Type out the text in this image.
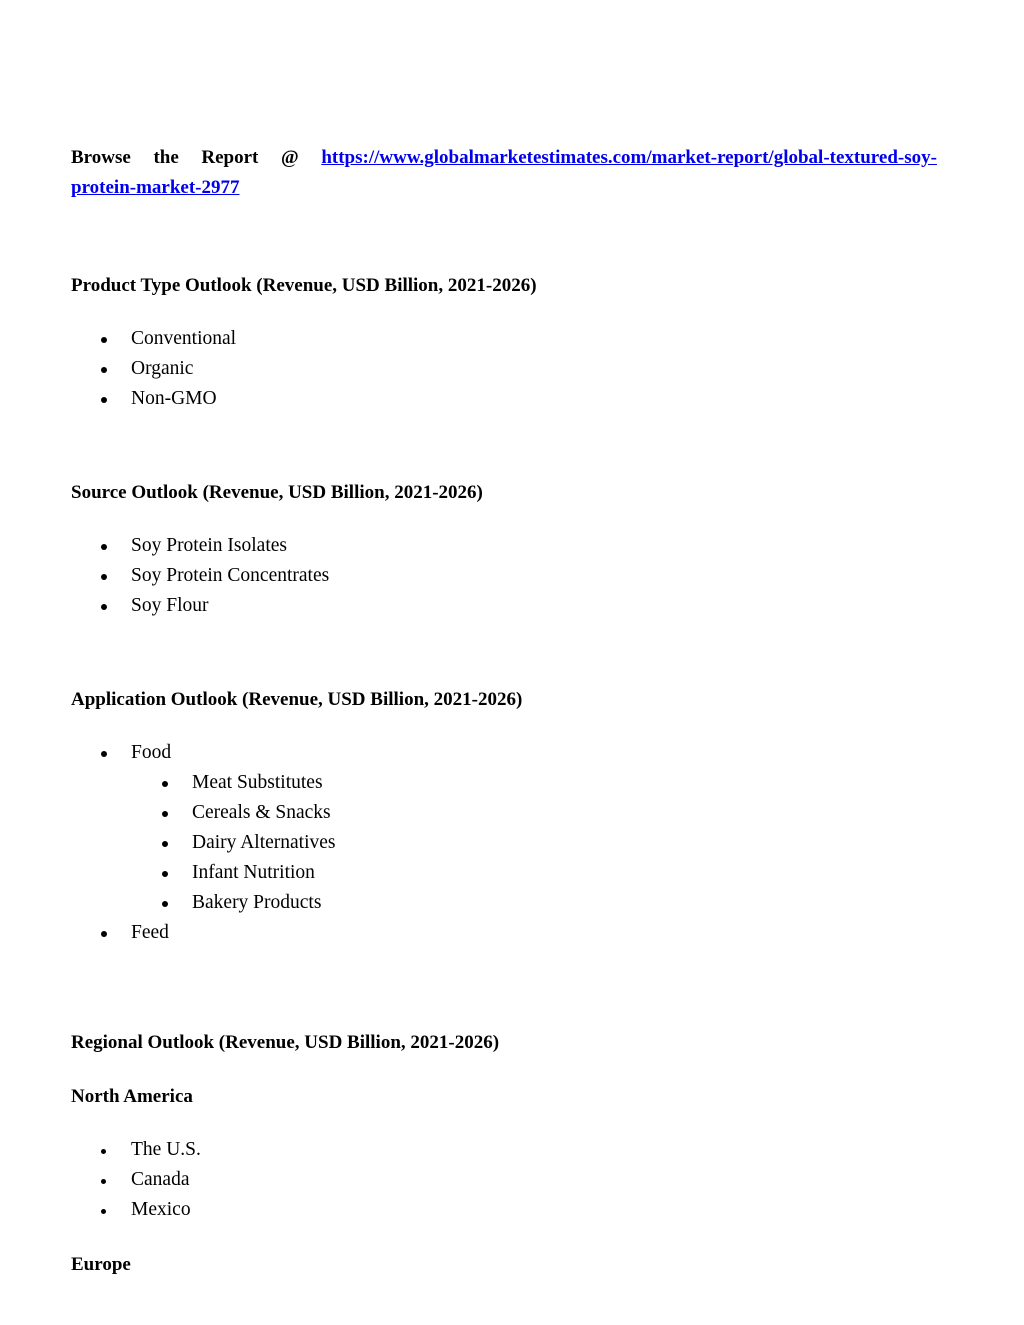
Browse the Report @ https://www.globalmarketestimates.com/market-report/global-textured-soy-
protein-market-2977
Product Type Outlook (Revenue, USD Billion, 2021-2026)
Conventional
Organic
Non-GMO
Source Outlook (Revenue, USD Billion, 2021-2026)
Soy Protein Isolates
Soy Protein Concentrates
Soy Flour
Application Outlook (Revenue, USD Billion, 2021-2026)
Food
Meat Substitutes
Cereals & Snacks
Dairy Alternatives
Infant Nutrition
Bakery Products
Feed
Regional Outlook (Revenue, USD Billion, 2021-2026)
North America
The U.S.
Canada
Mexico
Europe
